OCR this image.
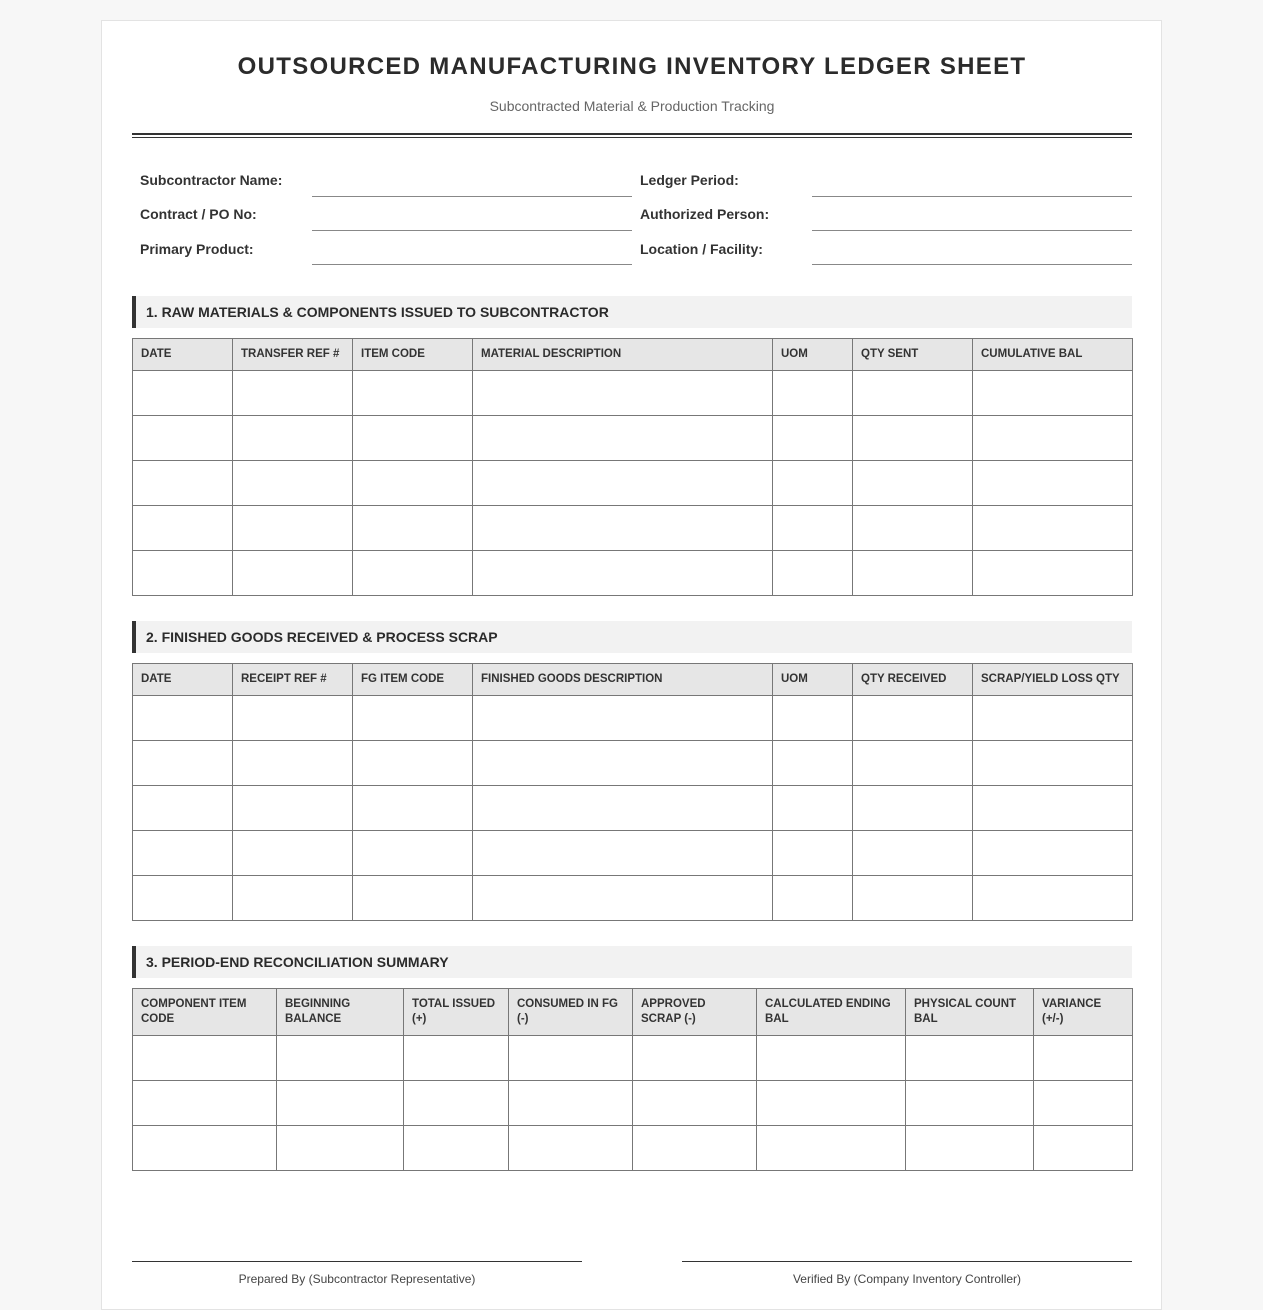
OUTSOURCED MANUFACTURING INVENTORY LEDGER SHEET
Subcontracted Material & Production Tracking
Subcontractor Name:	Ledger Period:
Contract / PO No:	Authorized Person:
Primary Product:	Location / Facility:
1. RAW MATERIALS & COMPONENTS ISSUED TO SUBCONTRACTOR
DATE	TRANSFER REF #	ITEM CODE	MATERIAL DESCRIPTION	UOM	QTY SENT	CUMULATIVE BAL

2. FINISHED GOODS RECEIVED & PROCESS SCRAP
DATE	RECEIPT REF #	FG ITEM CODE	FINISHED GOODS DESCRIPTION	UOM	QTY RECEIVED	SCRAP/YIELD LOSS QTY

3. PERIOD-END RECONCILIATION SUMMARY
COMPONENT ITEM CODE	BEGINNING BALANCE	TOTAL ISSUED (+)	CONSUMED IN FG (-)	APPROVED SCRAP (-)	CALCULATED ENDING BAL	PHYSICAL COUNT BAL	VARIANCE (+/-)

Prepared By (Subcontractor Representative)	Verified By (Company Inventory Controller)
